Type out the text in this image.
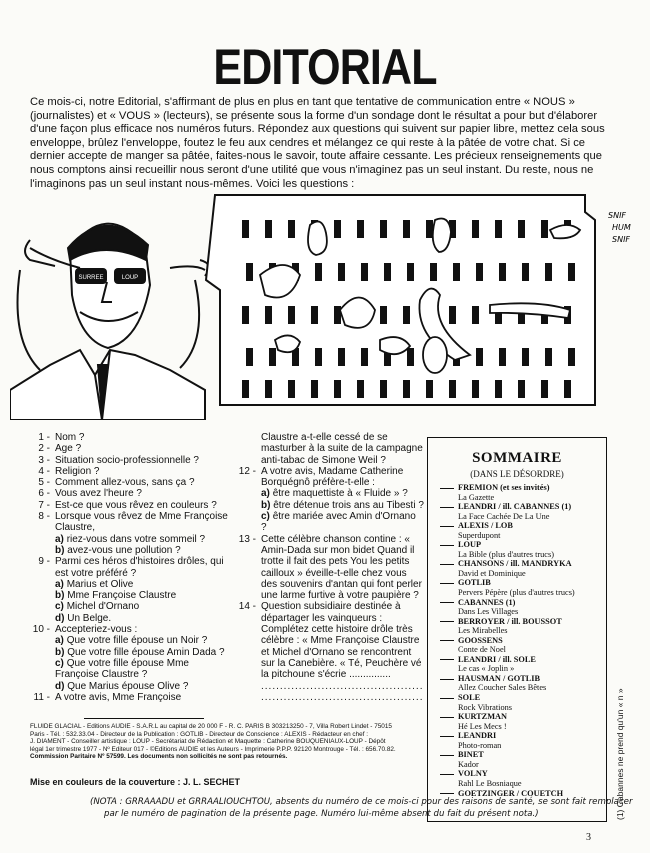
EDITORIAL
Ce mois-ci, notre Editorial, s'affirmant de plus en plus en tant que tentative de communication entre « NOUS »
(journalistes) et « VOUS » (lecteurs), se présente sous la forme d'un sondage dont le résultat a pour but d'élaborer
d'une façon plus efficace nos numéros futurs. Répondez aux questions qui suivent sur papier libre, mettez cela sous
enveloppe, brûlez l'enveloppe, foutez le feu aux cendres et mélangez ce qui reste à la pâtée de votre chat. Si ce
dernier accepte de manger sa pâtée, faites-nous le savoir, toute affaire cessante. Les précieux renseignements que
nous comptons ainsi recueillir nous seront d'une utilité que vous n'imaginez pas un seul instant. Du reste, nous ne
l'imaginons pas un seul instant nous-mêmes. Voici les questions :
SURREE	LOUP
SNIF
HUM
SNIF
1 - Nom ?
2 - Age ?
3 - Situation socio-professionnelle ?
4 - Religion ?
5 - Comment allez-vous, sans ça ?
6 - Vous avez l'heure ?
7 - Est-ce que vous rêvez en couleurs ?
8 - Lorsque vous rêvez de Mme Françoise Claustre,
a) riez-vous dans votre sommeil ?
b) avez-vous une pollution ?
9 - Parmi ces héros d'histoires drôles, qui est votre préféré ?
a) Marius et Olive
b) Mme Françoise Claustre
c) Michel d'Ornano
d) Un Belge.
10 - Accepteriez-vous :
a) Que votre fille épouse un Noir ?
b) Que votre fille épouse Amin Dada ?
c) Que votre fille épouse Mme Françoise Claustre ?
d) Que Marius épouse Olive ?
11 - A votre avis, Mme Françoise
Claustre a-t-elle cessé de se masturber à la suite de la campagne anti-tabac de Simone Weil ?
12 - A votre avis, Madame Catherine Borquégnô préfère-t-elle :
a) être maquettiste à « Fluide » ?
b) être détenue trois ans au Tibesti ?
c) être mariée avec Amin d'Ornano ?
13 - Cette célèbre chanson contine : « Amin-Dada sur mon bidet Quand il trotte il fait des pets You les petits cailloux » éveille-t-elle chez vous des souvenirs d'antan qui font perler une larme furtive à votre paupière ?
14 - Question subsidiaire destinée à départager les vainqueurs : Complétez cette histoire drôle très célèbre : « Mme Françoise Claustre et Michel d'Ornano se rencontrent sur la Canebière. « Té, Peuchère vé la pitchoune s'écrie ...............
...........................................
...........................................
SOMMAIRE
(DANS LE DÉSORDRE)
FREMION (et ses invités)
La Gazette
LEANDRI / ill. CABANNES (1)
La Face Cachée De La Une
ALEXIS / LOB
Superdupont
LOUP
La Bible (plus d'autres trucs)
CHANSONS / ill. MANDRYKA
David et Dominique
GOTLIB
Pervers Pépère (plus d'autres trucs)
CABANNES (1)
Dans Les Villages
BERROYER / ill. BOUSSOT
Les Mirabelles
GOOSSENS
Conte de Noel
LEANDRI / ill. SOLE
Le cas « Joplin »
HAUSMAN / GOTLIB
Allez Coucher Sales Bêtes
SOLE
Rock Vibrations
KURTZMAN
Hé Les Mecs !
LEANDRI
Photo-roman
BINET
Kador
VOLNY
Rahl Le Bosniaque
GOETZINGER / COUETCH	(1) Cabannes ne prend qu'un « n »
FLUIDE GLACIAL - Editions AUDIE - S.A.R.L au capital de 20 000 F - R. C. PARIS B 303213250 - 7, Villa Robert Lindet - 75015
Paris - Tél. : 532.33.04 - Directeur de la Publication : GOTLIB - Directeur de Conscience : ALEXIS - Rédacteur en chef :
J. DIAMENT - Conseiller artistique : LOUP - Secrétariat de Rédaction et Maquette : Catherine BOUQUENIAUX-LOUP - Dépôt
légal 1er trimestre 1977 - Nº Editeur 017 - ©Editions AUDIE et les Auteurs - Imprimerie P.P.P. 92120 Montrouge - Tél. : 656.70.82.
Commission Paritaire Nº 57599. Les documents non sollicités ne sont pas retournés.
Mise en couleurs de la couverture : J. L. SECHET
(NOTA : GRRAAADU et GRRAALIOUCHTOU, absents du numéro de ce mois-ci pour des raisons de santé, se sont fait remplacer
par le numéro de pagination de la présente page. Numéro lui-même absent du fait du présent nota.)
3
